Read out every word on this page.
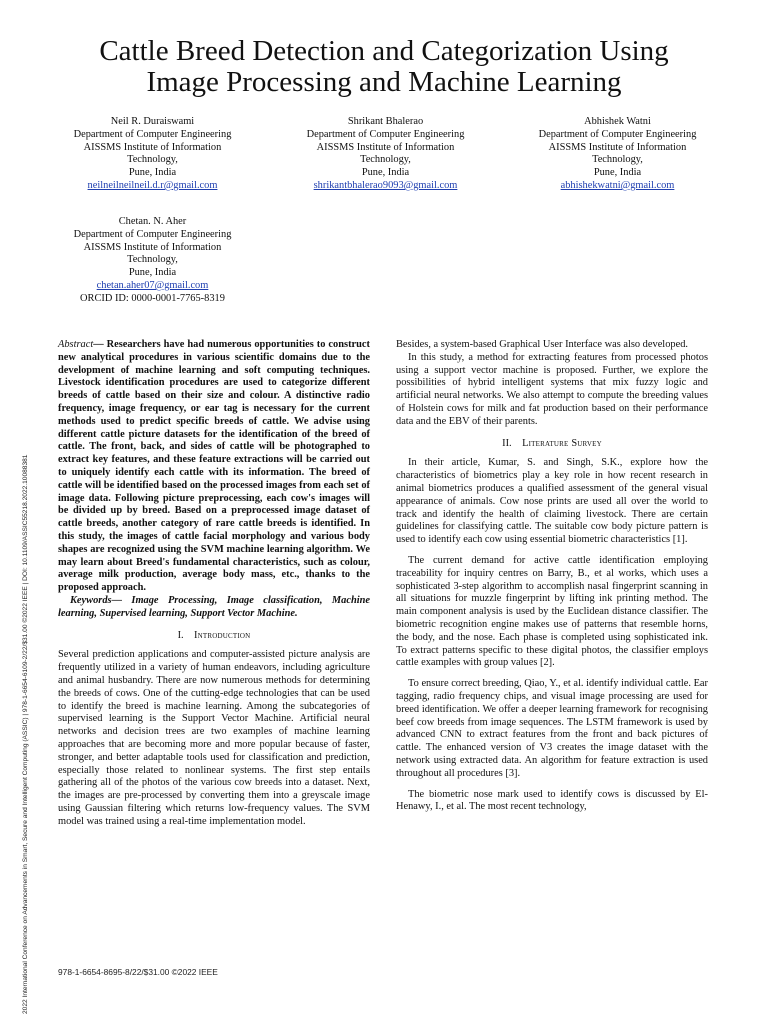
2022 International Conference on Advancements in Smart, Secure and Intelligent Computing (ASSIC) | 978-1-6654-6109-2/22/$31.00 ©2022 IEEE | DOI: 10.1109/ASSIC55218.2022.10088381
Cattle Breed Detection and Categorization Using
Image Processing and Machine Learning
Neil R. Duraiswami
Department of Computer Engineering
AISSMS Institute of Information
Technology,
Pune, India
neilneilneilneil.d.r@gmail.com
Shrikant Bhalerao
Department of Computer Engineering
AISSMS Institute of Information
Technology,
Pune, India
shrikantbhalerao9093@gmail.com
Abhishek Watni
Department of Computer Engineering
AISSMS Institute of Information
Technology,
Pune, India
abhishekwatni@gmail.com
Chetan. N. Aher
Department of Computer Engineering
AISSMS Institute of Information
Technology,
Pune, India
chetan.aher07@gmail.com
ORCID ID: 0000-0001-7765-8319

Abstract— Researchers have had numerous opportunities to construct new analytical procedures in various scientific domains due to the development of machine learning and soft computing techniques. Livestock identification procedures are used to categorize different breeds of cattle based on their size and colour. A distinctive radio frequency, image frequency, or ear tag is necessary for the current methods used to predict specific breeds of cattle. We advise using different cattle picture datasets for the identification of the breed of cattle. The front, back, and sides of cattle will be photographed to extract key features, and these feature extractions will be carried out to uniquely identify each cattle with its information. The breed of cattle will be identified based on the processed images from each set of image data. Following picture preprocessing, each cow's images will be divided up by breed. Based on a preprocessed image dataset of cattle breeds, another category of rare cattle breeds is identified. In this study, the images of cattle facial morphology and various body shapes are recognized using the SVM machine learning algorithm. We may learn about Breed's fundamental characteristics, such as colour, average milk production, average body mass, etc., thanks to the proposed approach.

Keywords— Image Processing, Image classification, Machine learning, Supervised learning, Support Vector Machine.

I. Introduction

Several prediction applications and computer-assisted picture analysis are frequently utilized in a variety of human endeavors, including agriculture and animal husbandry. There are now numerous methods for determining the breeds of cows. One of the cutting-edge technologies that can be used to identify the breed is machine learning. Among the subcategories of supervised learning is the Support Vector Machine. Artificial neural networks and decision trees are two examples of machine learning approaches that are becoming more and more popular because of faster, stronger, and better adaptable tools used for classification and prediction, especially those related to nonlinear systems. The first step entails gathering all of the photos of the various cow breeds into a dataset. Next, the images are pre-processed by converting them into a greyscale image using Gaussian filtering which returns low-frequency values. The SVM model was trained using a real-time implementation model.

Besides, a system-based Graphical User Interface was also developed.

In this study, a method for extracting features from processed photos using a support vector machine is proposed. Further, we explore the possibilities of hybrid intelligent systems that mix fuzzy logic and artificial neural networks. We also attempt to compute the breeding values of Holstein cows for milk and fat production based on their performance data and the EBV of their parents.

II. Literature Survey

In their article, Kumar, S. and Singh, S.K., explore how the characteristics of biometrics play a key role in how recent research in animal biometrics produces a qualified assessment of the general visual appearance of animals. Cow nose prints are used all over the world to track and identify the health of claiming livestock. There are certain guidelines for classifying cattle. The suitable cow body picture pattern is used to identify each cow using essential biometric characteristics [1].

The current demand for active cattle identification employing traceability for inquiry centres on Barry, B., et al works, which uses a sophisticated 3-step algorithm to accomplish nasal fingerprint scanning in all situations for muzzle fingerprint by lifting ink printing method. The main component analysis is used by the Euclidean distance classifier. The biometric recognition engine makes use of patterns that resemble horns, the body, and the nose. Each phase is completed using sophisticated ink. To extract patterns specific to these digital photos, the classifier employs cattle examples with group values [2].

To ensure correct breeding, Qiao, Y., et al. identify individual cattle. Ear tagging, radio frequency chips, and visual image processing are used for breed identification. We offer a deeper learning framework for recognising beef cow breeds from image sequences. The LSTM framework is used by advanced CNN to extract features from the front and back pictures of cattle. The enhanced version of V3 creates the image dataset with the network using extracted data. An algorithm for feature extraction is used throughout all procedures [3].

The biometric nose mark used to identify cows is discussed by El-Henawy, I., et al. The most recent technology,

978-1-6654-8695-8/22/$31.00 ©2022 IEEE
